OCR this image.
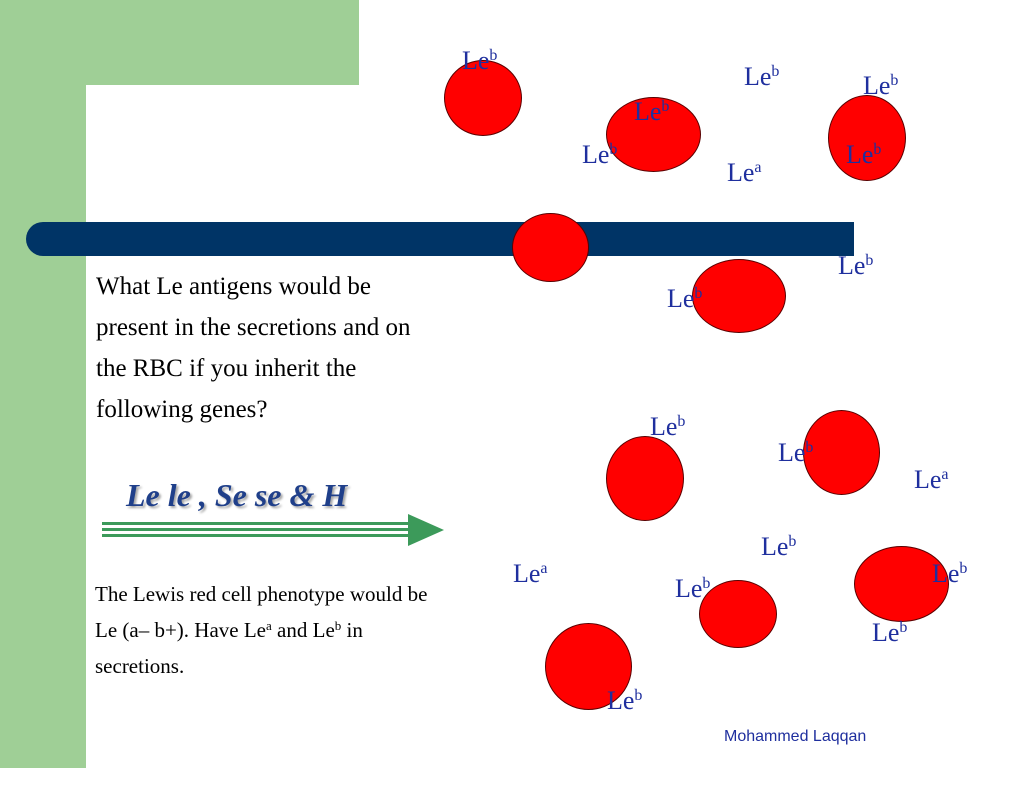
Le$^b$
Le$^b$	Le$^b$
Le$^b$
Le$^b$	Le$^b$
Le$^a$
Le$^b$
Le$^b$
Le$^b$
Le$^b$
Le$^a$
Le$^b$
Le$^a$	Le$^b$
Le$^b$
Le$^b$
Le$^b$
What Le antigens would be present in the secretions and on the RBC if you inherit the following genes?
Le le , Se se & H
The Lewis red cell phenotype would be Le (a– b+). Have Le$^a$ and Le$^b$ in secretions.
Mohammed Laqqan
